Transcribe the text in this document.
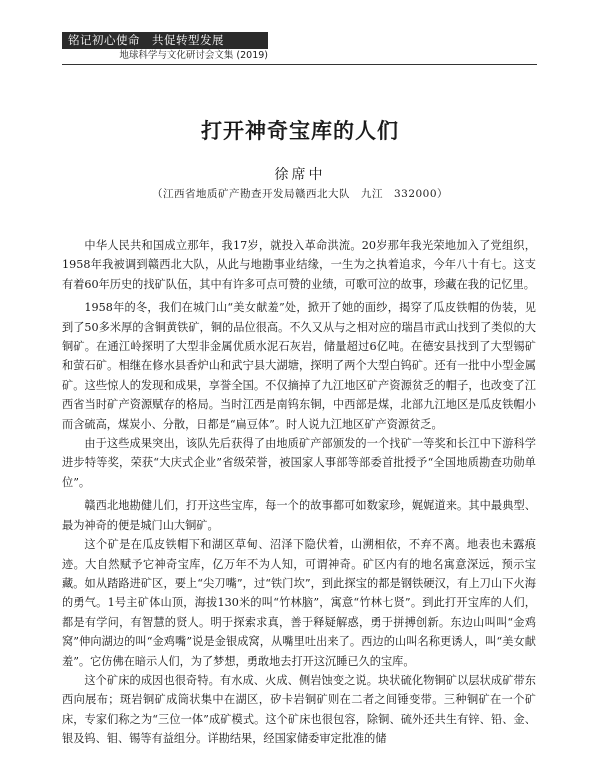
铭记初心使命　共促转型发展
地球科学与文化研讨会文集 (2019)
打开神奇宝库的人们
徐席中
（江西省地质矿产勘查开发局赣西北大队　九江　332000）

中华人民共和国成立那年，我17岁，就投入革命洪流。20岁那年我光荣地加入了党组织，1958年我被调到赣西北大队，从此与地勘事业结缘，一生为之执着追求，今年八十有七。这支有着60年历史的找矿队伍，其中有许多可点可赞的业绩，可歌可泣的故事，珍藏在我的记忆里。

1958年的冬，我们在城门山“美女献羞”处，掀开了她的面纱，揭穿了瓜皮铁帽的伪装，见到了50多米厚的含铜黄铁矿，铜的品位很高。不久又从与之相对应的瑞昌市武山找到了类似的大铜矿。在通江岭探明了大型非金属优质水泥石灰岩，储量超过6亿吨。在德安县找到了大型锡矿和萤石矿。相继在修水县香炉山和武宁县大湖塘，探明了两个大型白钨矿。还有一批中小型金属矿。这些惊人的发现和成果，享誉全国。不仅摘掉了九江地区矿产资源贫乏的帽子，也改变了江西省当时矿产资源赋存的格局。当时江西是南钨东铜，中西部是煤，北部九江地区是瓜皮铁帽小而含硫高，煤炭小、分散，日都是“扁豆体”。时人说九江地区矿产资源贫乏。

由于这些成果突出，该队先后获得了由地质矿产部颁发的一个找矿一等奖和长江中下游科学进步特等奖，荣获“大庆式企业”省级荣誉，被国家人事部等部委首批授予“全国地质勘查功勋单位”。

赣西北地勘健儿们，打开这些宝库，每一个的故事都可如数家珍，娓娓道来。其中最典型、最为神奇的便是城门山大铜矿。

这个矿是在瓜皮铁帽下和湖区草甸、沼泽下隐伏着，山溯相依，不弃不离。地表也未露痕迹。大自然赋予它神奇宝库，亿万年不为人知，可谓神奇。矿区内有的地名寓意深远，预示宝藏。如从踏路进矿区，要上“尖刀嘴”，过“铁门坎”，到此探宝的都是钢铁硬汉，有上刀山下火海的勇气。1号主矿体山顶，海拔130米的叫“竹林脑”，寓意“竹林七贤”。到此打开宝库的人们，都是有学问，有智慧的贤人。明于探索求真，善于释疑解惑，勇于拼搏创新。东边山叫叫“金鸡窝”伸向湖边的叫“金鸡嘴”说是金银成窝，从嘴里吐出来了。西边的山叫名称更诱人，叫“美女献羞”。它仿佛在暗示人们，为了梦想，勇敢地去打开这沉睡已久的宝库。

这个矿床的成因也很奇特。有水成、火成、侧岩蚀变之说。块状硫化物铜矿以层状成矿带东西向展布；斑岩铜矿成筒状集中在湖区，矽卡岩铜矿则在二者之间锤变带。三种铜矿在一个矿床，专家们称之为“三位一体”成矿模式。这个矿床也很包容，除铜、硫外还共生有锌、铅、金、银及钨、钼、锡等有益组分。详勘结果，经国家储委审定批准的储
